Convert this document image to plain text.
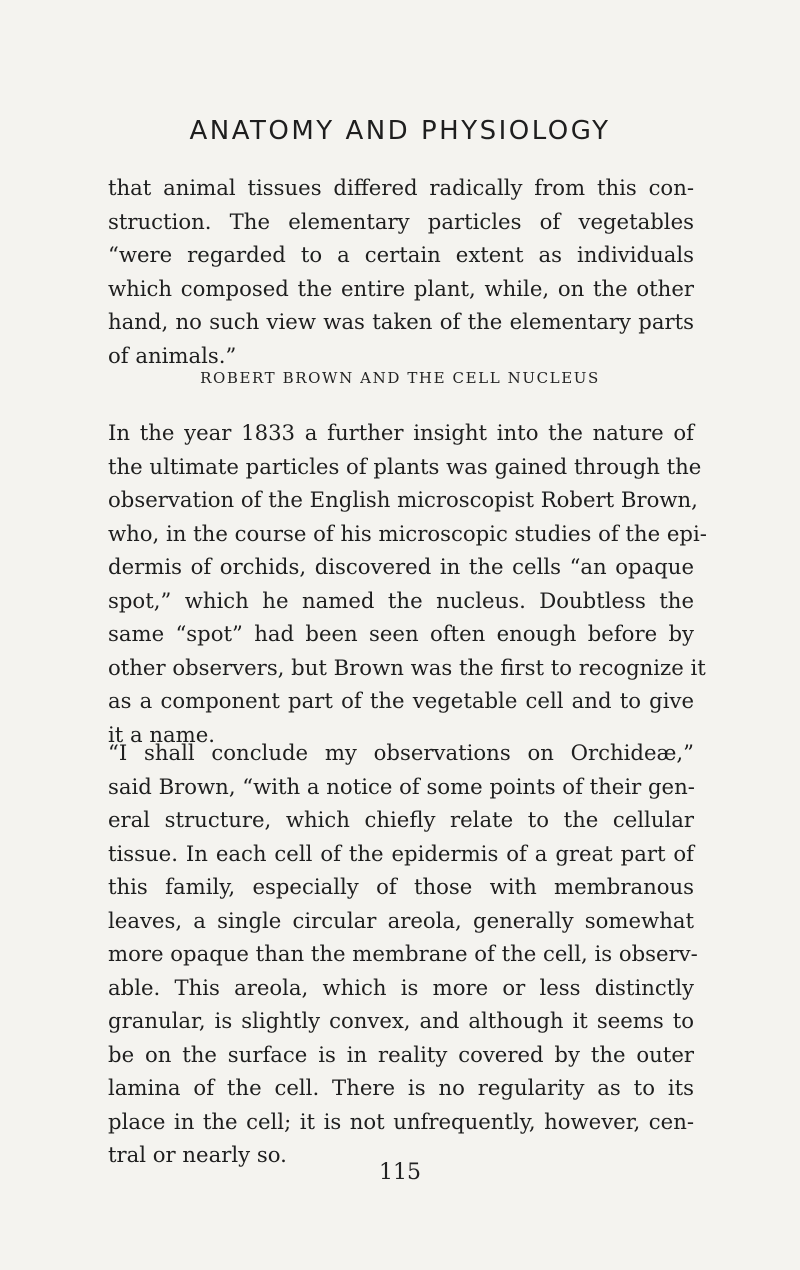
ANATOMY AND PHYSIOLOGY
that animal tissues differed radically from this con-
struction. The elementary particles of vegetables
“were regarded to a certain extent as individuals
which composed the entire plant, while, on the other
hand, no such view was taken of the elementary parts
of animals.”
ROBERT BROWN AND THE CELL NUCLEUS
In the year 1833 a further insight into the nature of
the ultimate particles of plants was gained through the
observation of the English microscopist Robert Brown,
who, in the course of his microscopic studies of the epi-
dermis of orchids, discovered in the cells “an opaque
spot,” which he named the nucleus. Doubtless the
same “spot” had been seen often enough before by
other observers, but Brown was the first to recognize it
as a component part of the vegetable cell and to give
it a name.
“I shall conclude my observations on Orchideæ,”
said Brown, “with a notice of some points of their gen-
eral structure, which chiefly relate to the cellular
tissue. In each cell of the epidermis of a great part of
this family, especially of those with membranous
leaves, a single circular areola, generally somewhat
more opaque than the membrane of the cell, is observ-
able. This areola, which is more or less distinctly
granular, is slightly convex, and although it seems to
be on the surface is in reality covered by the outer
lamina of the cell. There is no regularity as to its
place in the cell; it is not unfrequently, however, cen-
tral or nearly so.
115
